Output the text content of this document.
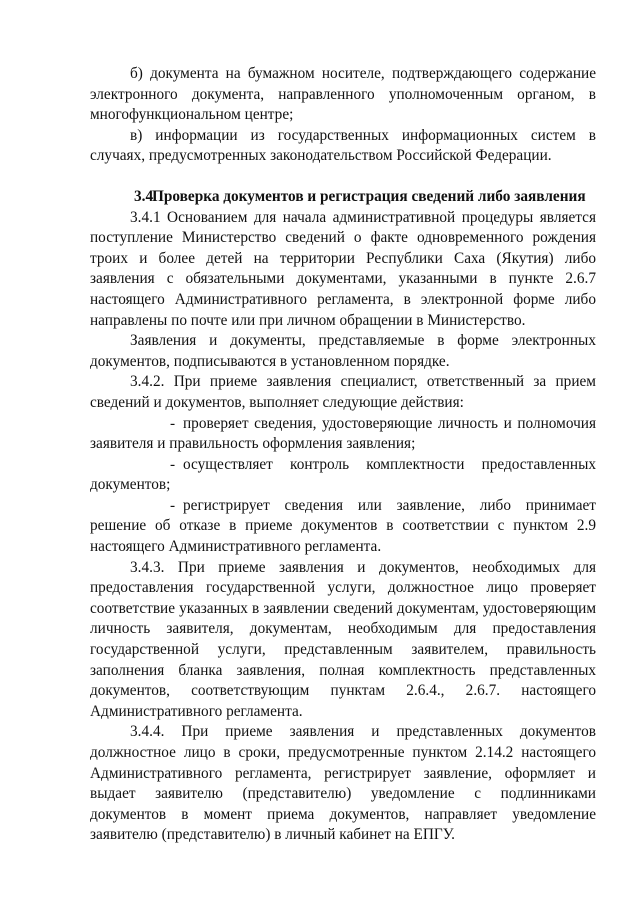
б) документа на бумажном носителе, подтверждающего содержание электронного документа, направленного уполномоченным органом, в многофункциональном центре;

в) информации из государственных информационных систем в случаях, предусмотренных законодательством Российской Федерации.

3.4Проверка документов и регистрация сведений либо заявления

3.4.1 Основанием для начала административной процедуры является поступление Министерство сведений о факте одновременного рождения троих и более детей на территории Республики Саха (Якутия) либо заявления с обязательными документами, указанными в пункте 2.6.7 настоящего Административного регламента, в электронной форме либо направлены по почте или при личном обращении в Министерство.

Заявления и документы, представляемые в форме электронных документов, подписываются в установленном порядке.

3.4.2. При приеме заявления специалист, ответственный за прием сведений и документов, выполняет следующие действия:

- проверяет сведения, удостоверяющие личность и полномочия заявителя и правильность оформления заявления;

- осуществляет контроль комплектности предоставленных документов;

- регистрирует сведения или заявление, либо принимает решение об отказе в приеме документов в соответствии с пунктом 2.9 настоящего Административного регламента.

3.4.3. При приеме заявления и документов, необходимых для предоставления государственной услуги, должностное лицо проверяет соответствие указанных в заявлении сведений документам, удостоверяющим личность заявителя, документам, необходимым для предоставления государственной услуги, представленным заявителем, правильность заполнения бланка заявления, полная комплектность представленных документов, соответствующим пунктам 2.6.4., 2.6.7. настоящего Административного регламента.

3.4.4. При приеме заявления и представленных документов должностное лицо в сроки, предусмотренные пунктом 2.14.2 настоящего Административного регламента, регистрирует заявление, оформляет и выдает заявителю (представителю) уведомление с подлинниками документов в момент приема документов, направляет уведомление заявителю (представителю) в личный кабинет на ЕПГУ.
